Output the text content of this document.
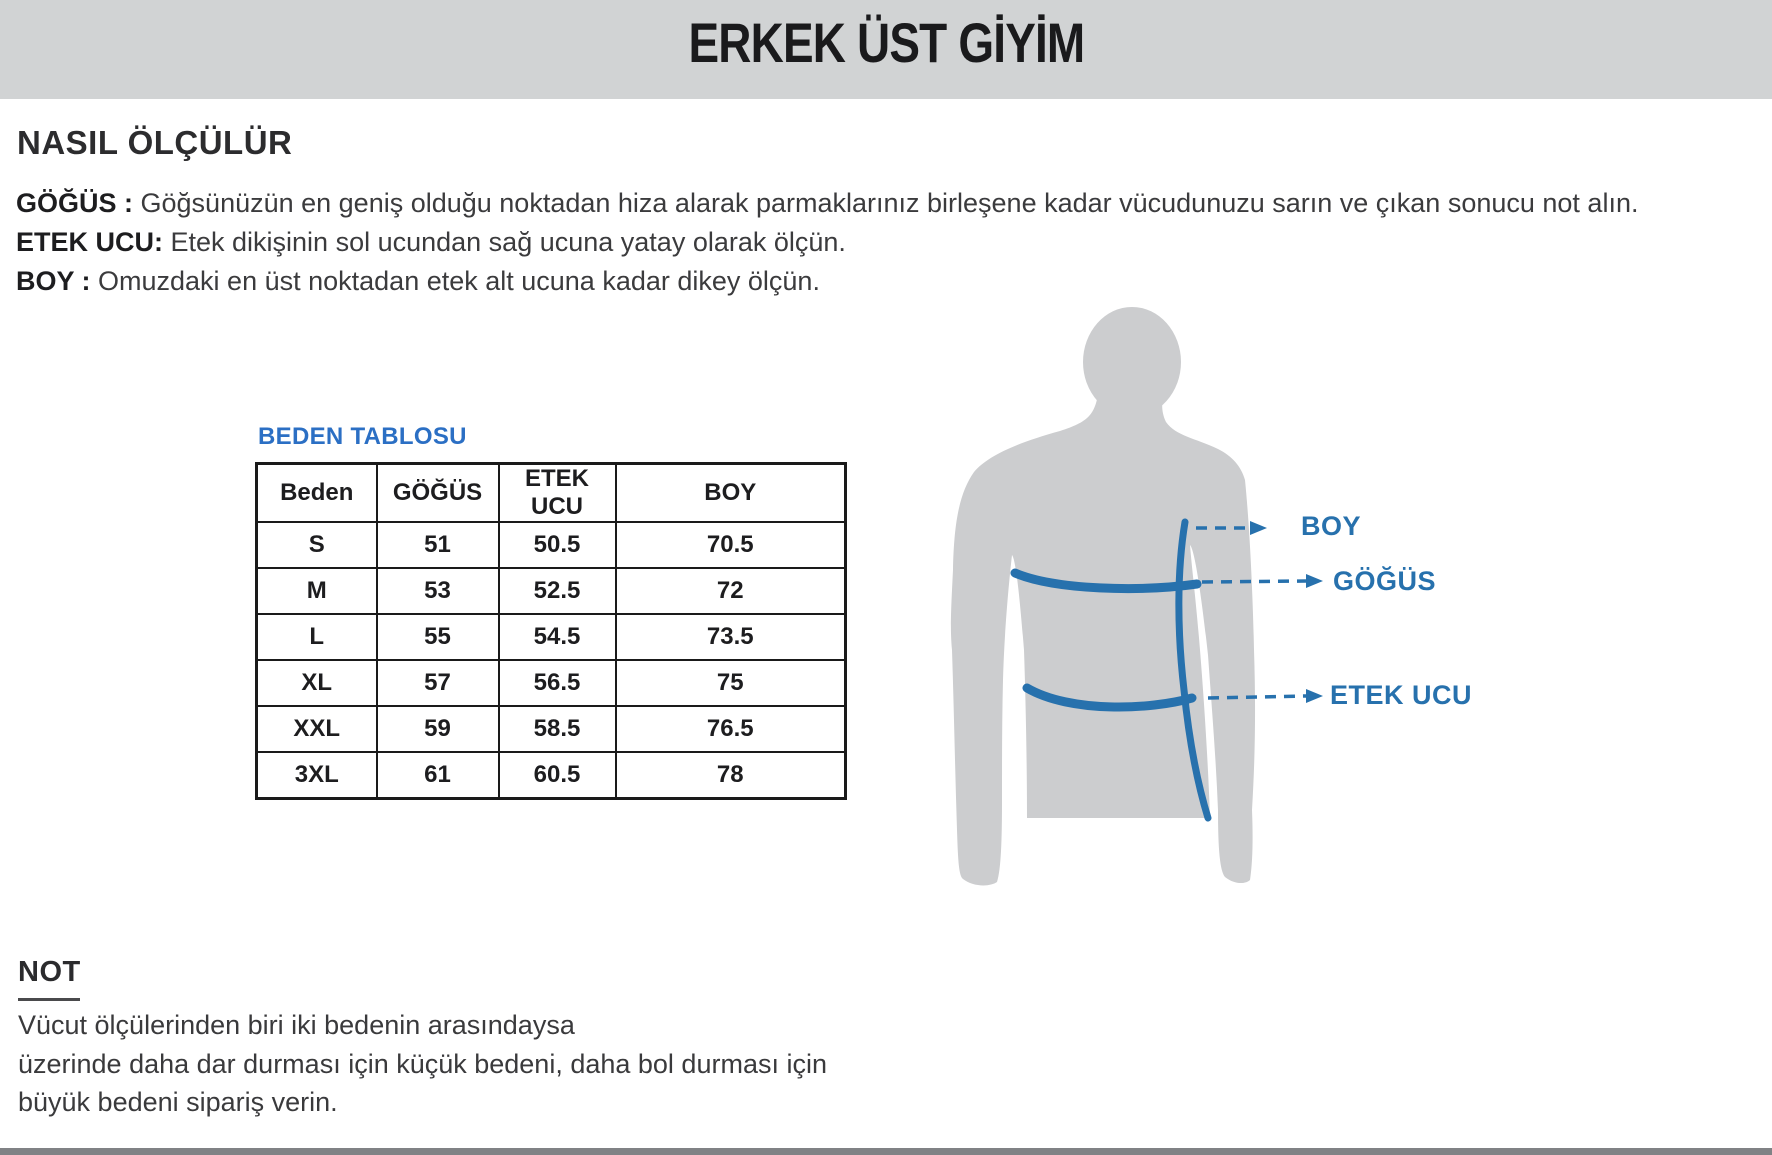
ERKEK ÜST GİYİM
NASIL ÖLÇÜLÜR

GÖĞÜS : Göğsünüzün en geniş olduğu noktadan hiza alarak parmaklarınız birleşene kadar vücudunuzu sarın ve çıkan sonucu not alın.

ETEK UCU: Etek dikişinin sol ucundan sağ ucuna yatay olarak ölçün.

BOY : Omuzdaki en üst noktadan etek alt ucuna kadar dikey ölçün.

BEDEN TABLOSU
Beden	GÖĞÜS	ETEK UCU	BOY
S	51	50.5	70.5
M	53	52.5	72
L	55	54.5	73.5
XL	57	56.5	75
XXL	59	58.5	76.5
3XL	61	60.5	78
BOY
GÖĞÜS
ETEK UCU
NOT

Vücut ölçülerinden biri iki bedenin arasındaysa

üzerinde daha dar durması için küçük bedeni, daha bol durması için

büyük bedeni sipariş verin.
